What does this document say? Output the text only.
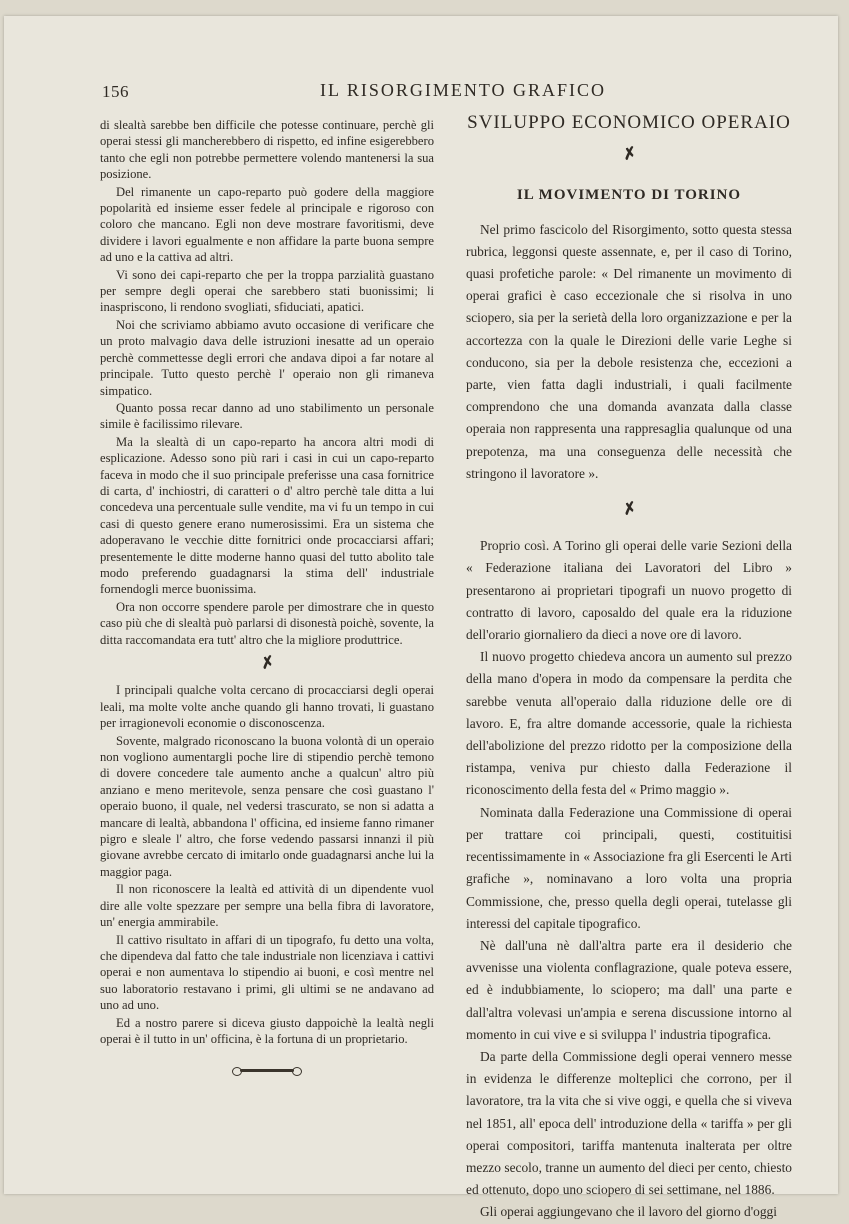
156	IL RISORGIMENTO GRAFICO

di slealtà sarebbe ben difficile che potesse continuare, perchè gli operai stessi gli mancherebbero di rispetto, ed infine esigerebbero tanto che egli non potrebbe permettere volendo mantenersi la sua posizione.

Del rimanente un capo-reparto può godere della maggiore popolarità ed insieme esser fedele al principale e rigoroso con coloro che mancano. Egli non deve mostrare favoritismi, deve dividere i lavori egualmente e non affidare la parte buona sempre ad uno e la cattiva ad altri.

Vi sono dei capi-reparto che per la troppa parzialità guastano per sempre degli operai che sarebbero stati buonissimi; li inaspriscono, li rendono svogliati, sfiduciati, apatici.

Noi che scriviamo abbiamo avuto occasione di verificare che un proto malvagio dava delle istruzioni inesatte ad un operaio perchè commettesse degli errori che andava dipoi a far notare al principale. Tutto questo perchè l' operaio non gli rimaneva simpatico.

Quanto possa recar danno ad uno stabilimento un personale simile è facilissimo rilevare.

Ma la slealtà di un capo-reparto ha ancora altri modi di esplicazione. Adesso sono più rari i casi in cui un capo-reparto faceva in modo che il suo principale preferisse una casa fornitrice di carta, d' inchiostri, di caratteri o d' altro perchè tale ditta a lui concedeva una percentuale sulle vendite, ma vi fu un tempo in cui casi di questo genere erano numerosissimi. Era un sistema che adoperavano le vecchie ditte fornitrici onde procacciarsi affari; presentemente le ditte moderne hanno quasi del tutto abolito tale modo preferendo guadagnarsi la stima dell' industriale fornendogli merce buonissima.

Ora non occorre spendere parole per dimostrare che in questo caso più che di slealtà può parlarsi di disonestà poichè, sovente, la ditta raccomandata era tutt' altro che la migliore produttrice.

✗

I principali qualche volta cercano di procacciarsi degli operai leali, ma molte volte anche quando gli hanno trovati, li guastano per irragionevoli economie o disconoscenza.

Sovente, malgrado riconoscano la buona volontà di un operaio non vogliono aumentargli poche lire di stipendio perchè temono di dovere concedere tale aumento anche a qualcun' altro più anziano e meno meritevole, senza pensare che così guastano l' operaio buono, il quale, nel vedersi trascurato, se non si adatta a mancare di lealtà, abbandona l' officina, ed insieme fanno rimaner pigro e sleale l' altro, che forse vedendo passarsi innanzi il più giovane avrebbe cercato di imitarlo onde guadagnarsi anche lui la maggior paga.

Il non riconoscere la lealtà ed attività di un dipendente vuol dire alle volte spezzare per sempre una bella fibra di lavoratore, un' energia ammirabile.

Il cattivo risultato in affari di un tipografo, fu detto una volta, che dipendeva dal fatto che tale industriale non licenziava i cattivi operai e non aumentava lo stipendio ai buoni, e così mentre nel suo laboratorio restavano i primi, gli ultimi se ne andavano ad uno ad uno.

Ed a nostro parere si diceva giusto dappoichè la lealtà negli operai è il tutto in un' officina, è la fortuna di un proprietario.

SVILUPPO ECONOMICO OPERAIO
✗
IL MOVIMENTO DI TORINO

Nel primo fascicolo del Risorgimento, sotto questa stessa rubrica, leggonsi queste assennate, e, per il caso di Torino, quasi profetiche parole: « Del rimanente un movimento di operai grafici è caso eccezionale che si risolva in uno sciopero, sia per la serietà della loro organizzazione e per la accortezza con la quale le Direzioni delle varie Leghe si conducono, sia per la debole resistenza che, eccezioni a parte, vien fatta dagli industriali, i quali facilmente comprendono che una domanda avanzata dalla classe operaia non rappresenta una rappresaglia qualunque od una prepotenza, ma una conseguenza delle necessità che stringono il lavoratore ».

✗

Proprio così. A Torino gli operai delle varie Sezioni della « Federazione italiana dei Lavoratori del Libro » presentarono ai proprietari tipografi un nuovo progetto di contratto di lavoro, caposaldo del quale era la riduzione dell'orario giornaliero da dieci a nove ore di lavoro.

Il nuovo progetto chiedeva ancora un aumento sul prezzo della mano d'opera in modo da compensare la perdita che sarebbe venuta all'operaio dalla riduzione delle ore di lavoro. E, fra altre domande accessorie, quale la richiesta dell'abolizione del prezzo ridotto per la composizione della ristampa, veniva pur chiesto dalla Federazione il riconoscimento della festa del « Primo maggio ».

Nominata dalla Federazione una Commissione di operai per trattare coi principali, questi, costituitisi recentissimamente in « Associazione fra gli Esercenti le Arti grafiche », nominavano a loro volta una propria Commissione, che, presso quella degli operai, tutelasse gli interessi del capitale tipografico.

Nè dall'una nè dall'altra parte era il desiderio che avvenisse una violenta conflagrazione, quale poteva essere, ed è indubbiamente, lo sciopero; ma dall' una parte e dall'altra volevasi un'ampia e serena discussione intorno al momento in cui vive e si sviluppa l' industria tipografica.

Da parte della Commissione degli operai vennero messe in evidenza le differenze molteplici che corrono, per il lavoratore, tra la vita che si vive oggi, e quella che si viveva nel 1851, all' epoca dell' introduzione della « tariffa » per gli operai compositori, tariffa mantenuta inalterata per oltre mezzo secolo, tranne un aumento del dieci per cento, chiesto ed ottenuto, dopo uno sciopero di sei settimane, nel 1886.

Gli operai aggiungevano che il lavoro del giorno d'oggi
